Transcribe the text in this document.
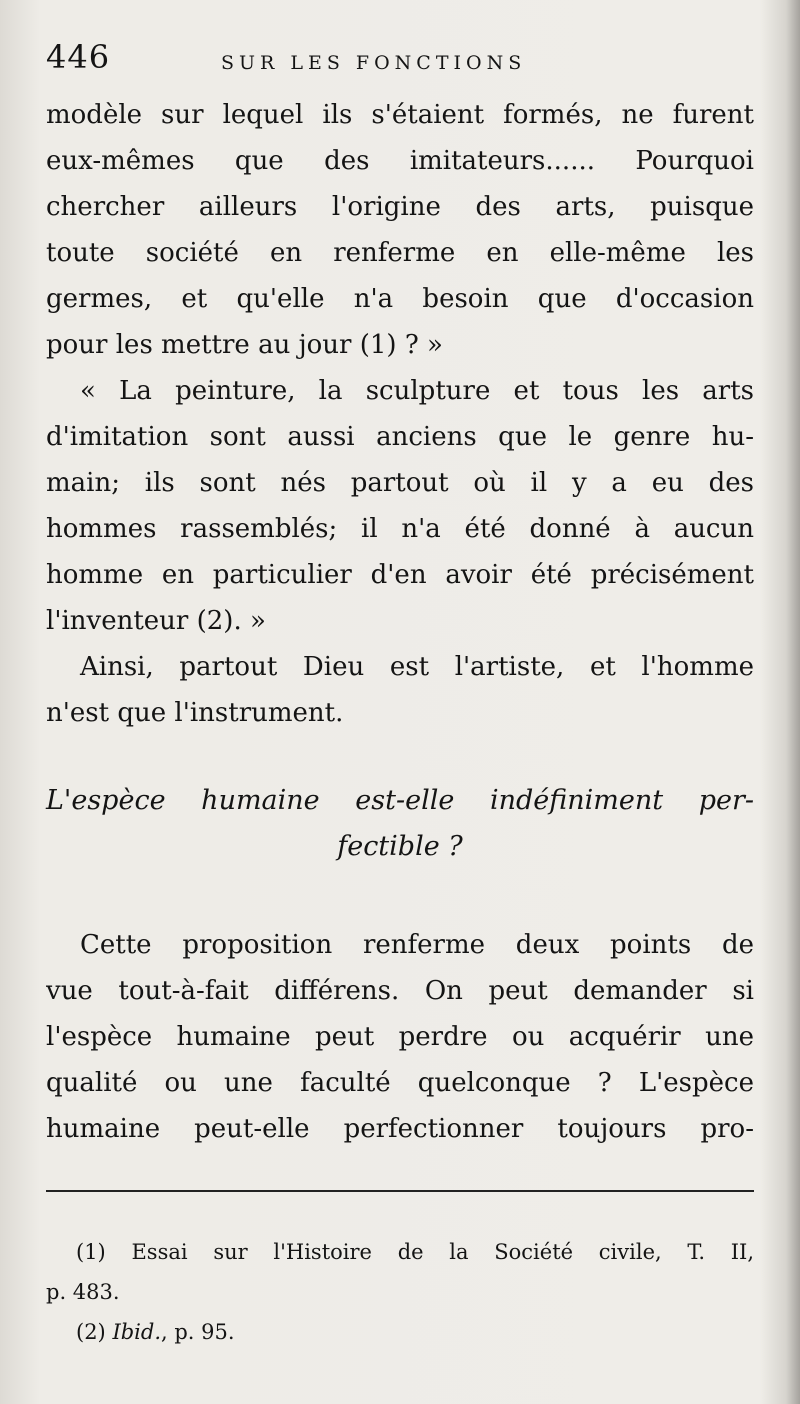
446	SUR LES FONCTIONS
modèle sur lequel ils s'étaient formés, ne furent
eux-mêmes que des imitateurs...... Pourquoi
chercher ailleurs l'origine des arts, puisque
toute société en renferme en elle-même les
germes, et qu'elle n'a besoin que d'occasion
pour les mettre au jour (1) ? »
« La peinture, la sculpture et tous les arts
d'imitation sont aussi anciens que le genre hu-
main; ils sont nés partout où il y a eu des
hommes rassemblés; il n'a été donné à aucun
homme en particulier d'en avoir été précisément
l'inventeur (2). »
Ainsi, partout Dieu est l'artiste, et l'homme
n'est que l'instrument.
L'espèce humaine est-elle indéfiniment per-
fectible ?
Cette proposition renferme deux points de
vue tout-à-fait différens. On peut demander si
l'espèce humaine peut perdre ou acquérir une
qualité ou une faculté quelconque ? L'espèce
humaine peut-elle perfectionner toujours pro-
(1) Essai sur l'Histoire de la Société civile, T. II,
p. 483.
(2) Ibid., p. 95.
